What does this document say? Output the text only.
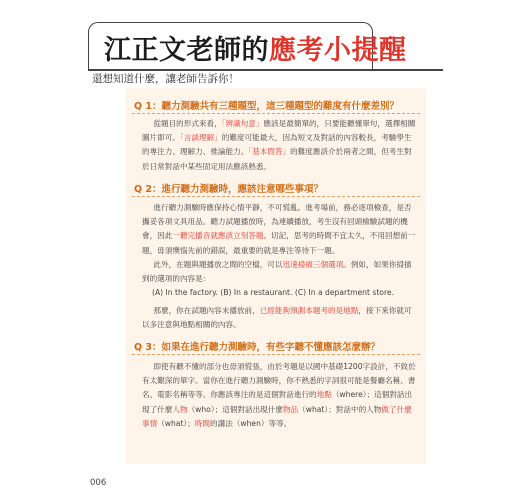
江正文老師的應考小提醒
還想知道什麼，讓老師告訴你！
Q 1：聽力測驗共有三種題型，這三種題型的難度有什麼差別？
從題目的形式來看，「辨識句意」應該是最簡單的，只要能聽懂單句，選擇相關圖片即可。「言談理解」的難度可能最大，因為短文及對話的內容較長，考驗學生的專注力、理解力、推論能力。「基本問答」的難度應該介於兩者之間，但考生對於日常對話中某些固定用法應該熟悉。
Q 2：進行聽力測驗時，應該注意哪些事項？
進行聽力測驗時應保持心情平靜，不可慌亂。進考場前，務必逐項檢查，是否攜妥各項文具用品。聽力試題播放時，為連續播放，考生沒有回頭檢驗試題的機會，因此一聽完播音就應該立刻答題。切記，思考的時間不宜太久，不用回想前一題，毋須懊惱先前的錯誤，最重要的就是專注等待下一題。
此外，在題與題播放之間的空檔，可以迅速掃描三個選項。例如，如果你掃描到的選項的內容是：
(A) In the factory. (B) In a restaurant. (C) In a department store.
那麼，你在試題內容未播放前，已經能夠預測本題考的是地點，接下來你就可以多注意與地點相關的內容。
Q 3：如果在進行聽力測驗時，有些字聽不懂應該怎麼辦？
即使有聽不懂的部分也毋須慌張，由於考題是以國中基礎1200字設計，不致於有太艱深的單字。當你在進行聽力測驗時，你不熟悉的字詞很可能是餐廳名稱、書名、電影名稱等等。你應該專注的是這個對話進行的地點（where）；這個對話出現了什麼人物（who）；這個對話出現什麼物品（what）；對話中的人物做了什麼事情（what）；時間的講法（when）等等。
006
